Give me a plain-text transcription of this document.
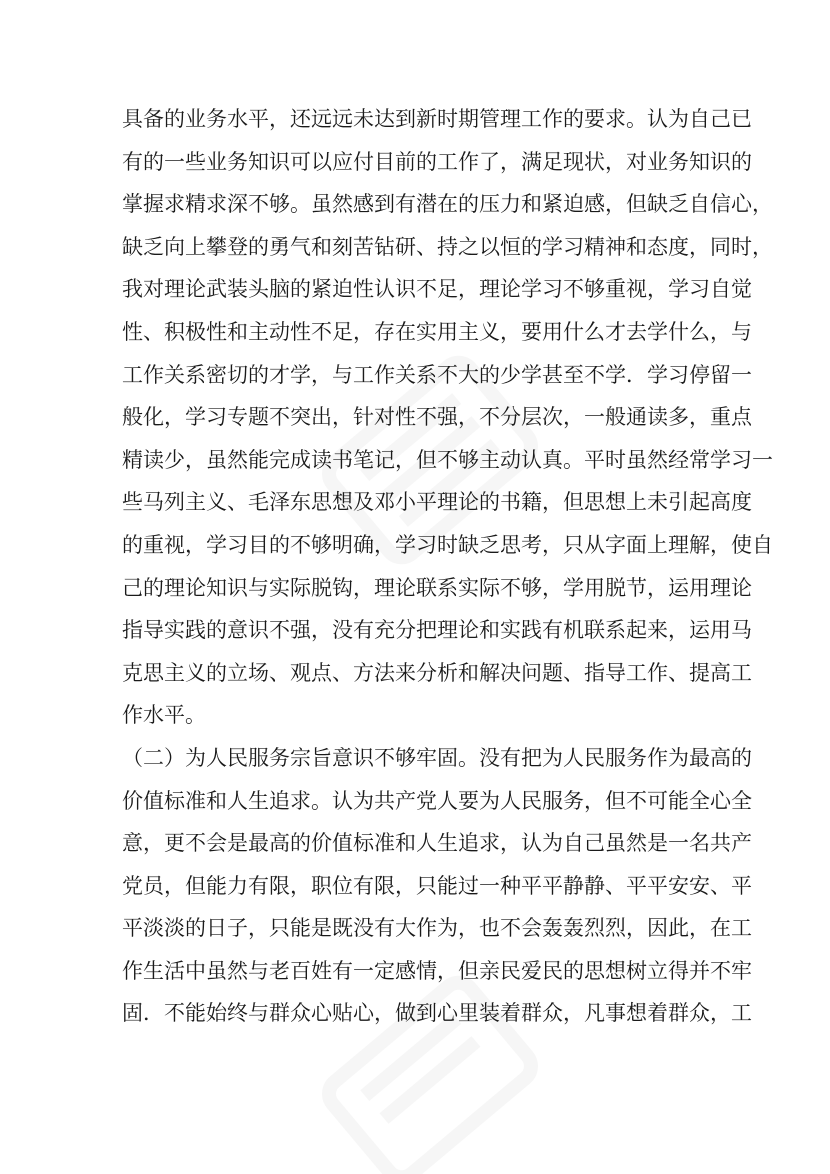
具备的业务水平，还远远未达到新时期管理工作的要求。认为自己已
有的一些业务知识可以应付目前的工作了，满足现状，对业务知识的
掌握求精求深不够。虽然感到有潜在的压力和紧迫感，但缺乏自信心，
缺乏向上攀登的勇气和刻苦钻研、持之以恒的学习精神和态度，同时，
我对理论武装头脑的紧迫性认识不足，理论学习不够重视，学习自觉
性、积极性和主动性不足，存在实用主义，要用什么才去学什么，与
工作关系密切的才学，与工作关系不大的少学甚至不学．学习停留一
般化，学习专题不突出，针对性不强，不分层次，一般通读多，重点
精读少，虽然能完成读书笔记，但不够主动认真。平时虽然经常学习一
些马列主义、毛泽东思想及邓小平理论的书籍，但思想上未引起高度
的重视，学习目的不够明确，学习时缺乏思考，只从字面上理解，使自
己的理论知识与实际脱钩，理论联系实际不够，学用脱节，运用理论
指导实践的意识不强，没有充分把理论和实践有机联系起来，运用马
克思主义的立场、观点、方法来分析和解决问题、指导工作、提高工
作水平。
（二）为人民服务宗旨意识不够牢固。没有把为人民服务作为最高的
价值标准和人生追求。认为共产党人要为人民服务，但不可能全心全
意，更不会是最高的价值标准和人生追求，认为自己虽然是一名共产
党员，但能力有限，职位有限，只能过一种平平静静、平平安安、平
平淡淡的日子，只能是既没有大作为，也不会轰轰烈烈，因此，在工
作生活中虽然与老百姓有一定感情，但亲民爱民的思想树立得并不牢
固．不能始终与群众心贴心，做到心里装着群众，凡事想着群众，工
